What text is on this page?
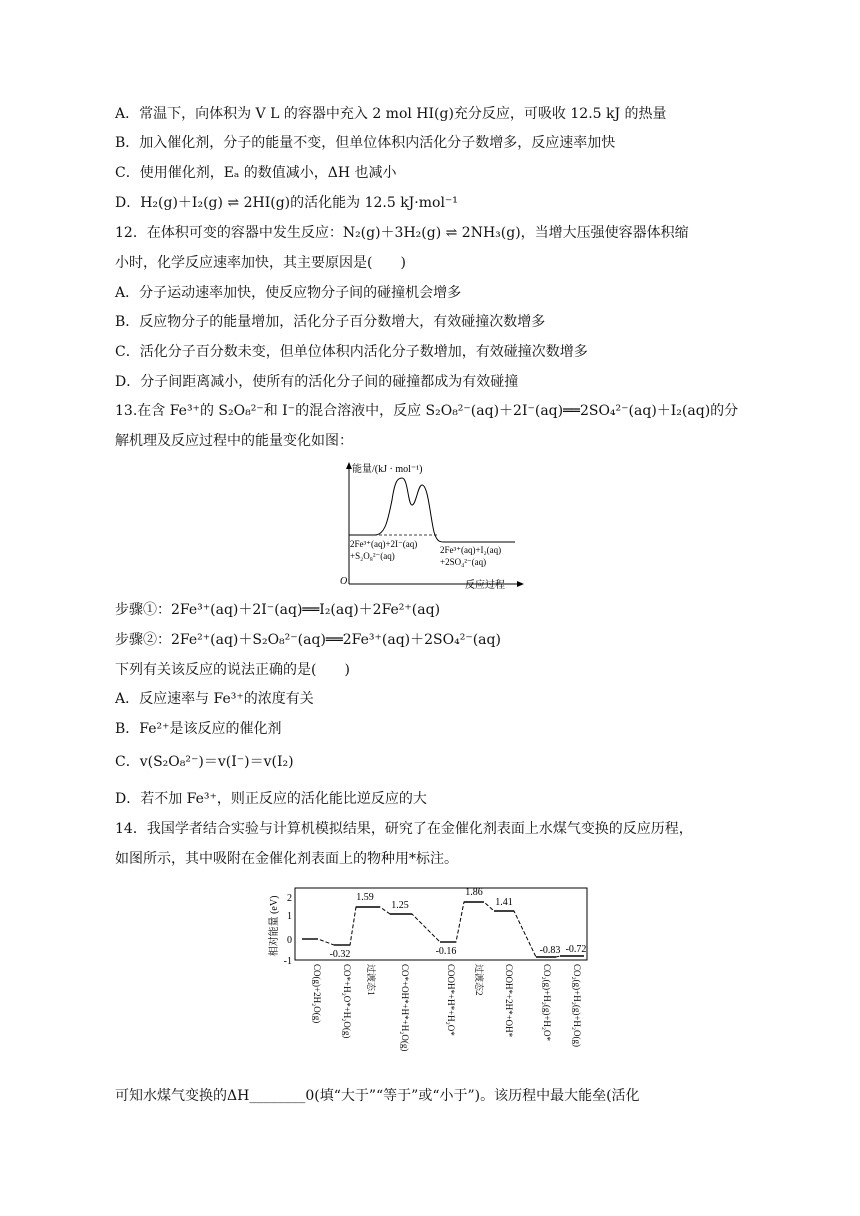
A．常温下，向体积为 V L 的容器中充入 2 mol HI(g)充分反应，可吸收 12.5 kJ 的热量
B．加入催化剂，分子的能量不变，但单位体积内活化分子数增多，反应速率加快
C．使用催化剂，Eₐ 的数值减小，ΔH 也减小
D．H₂(g)＋I₂(g) ⇌ 2HI(g)的活化能为 12.5 kJ·mol⁻¹
12．在体积可变的容器中发生反应：N₂(g)＋3H₂(g) ⇌ 2NH₃(g)，当增大压强使容器体积缩
小时，化学反应速率加快，其主要原因是(　　)
A．分子运动速率加快，使反应物分子间的碰撞机会增多
B．反应物分子的能量增加，活化分子百分数增大，有效碰撞次数增多
C．活化分子百分数未变，但单位体积内活化分子数增加，有效碰撞次数增多
D．分子间距离减小，使所有的活化分子间的碰撞都成为有效碰撞
13.在含 Fe³⁺的 S₂O₈²⁻和 I⁻的混合溶液中，反应 S₂O₈²⁻(aq)＋2I⁻(aq)══2SO₄²⁻(aq)＋I₂(aq)的分
解机理及反应过程中的能量变化如图：
能量/(kJ · mol⁻¹)
2Fe³⁺(aq)+2I⁻(aq)
+S₂O₈²⁻(aq)
2Fe³⁺(aq)+I₂(aq)
+2SO₄²⁻(aq)
O	反应过程
步骤①：2Fe³⁺(aq)＋2I⁻(aq)══I₂(aq)＋2Fe²⁺(aq)
步骤②：2Fe²⁺(aq)＋S₂O₈²⁻(aq)══2Fe³⁺(aq)＋2SO₄²⁻(aq)
下列有关该反应的说法正确的是(　　)
A．反应速率与 Fe³⁺的浓度有关
B．Fe²⁺是该反应的催化剂
C．v(S₂O₈²⁻)＝v(I⁻)＝v(I₂)
D．若不加 Fe³⁺，则正反应的活化能比逆反应的大
14．我国学者结合实验与计算机模拟结果，研究了在金催化剂表面上水煤气变换的反应历程，
如图所示，其中吸附在金催化剂表面上的物种用*标注。
相对能量 (eV) 2
1
0
-1
-0.32
1.59
1.25
-0.16
1.86
1.41
-0.83 -0.72
CO(g)+2H₂O(g) CO*+H₂O*+H₂O(g) 过渡态1	CO*+OH*+H*+H₂O(g)	COOH*+H*+H₂O* 过渡态2 COOH*+2H*+OH*	CO₂(g)+H₂(g)+H₂O* CO₂(g)+H₂(g)+H₂O(g)
可知水煤气变换的ΔH________0(填“大于”“等于”或“小于”)。该历程中最大能垒(活化
